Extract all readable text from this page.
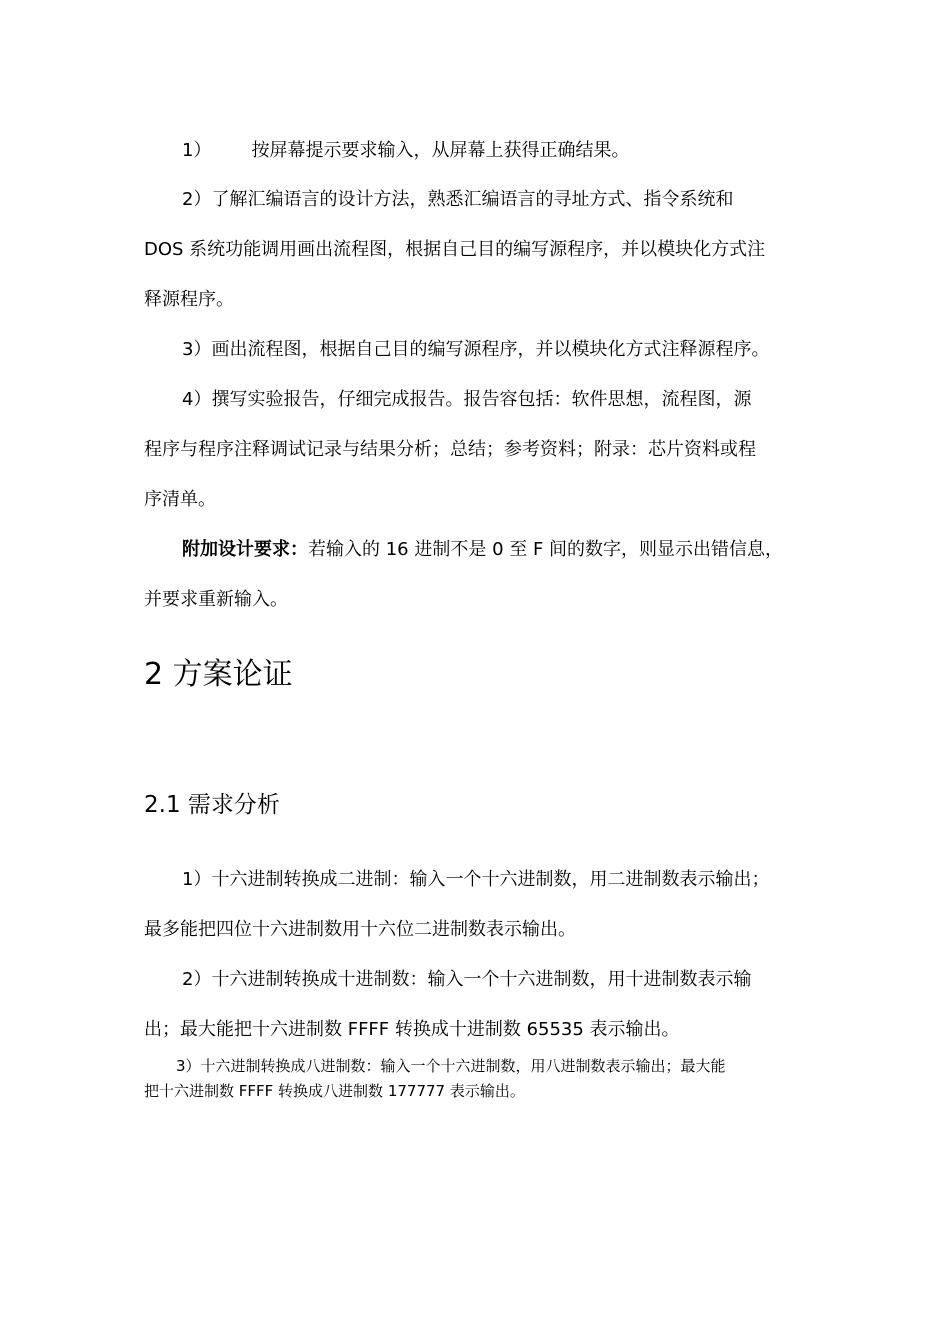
1） 按屏幕提示要求输入，从屏幕上获得正确结果。
2）了解汇编语言的设计方法，熟悉汇编语言的寻址方式、指令系统和
DOS 系统功能调用画出流程图，根据自己目的编写源程序，并以模块化方式注
释源程序。
3）画出流程图，根据自己目的编写源程序，并以模块化方式注释源程序。
4）撰写实验报告，仔细完成报告。报告容包括：软件思想，流程图，源
程序与程序注释调试记录与结果分析；总结；参考资料；附录：芯片资料或程
序清单。
附加设计要求：若输入的 16 进制不是 0 至 F 间的数字，则显示出错信息，
并要求重新输入。
2 方案论证
2.1 需求分析
1）十六进制转换成二进制：输入一个十六进制数，用二进制数表示输出；
最多能把四位十六进制数用十六位二进制数表示输出。
2）十六进制转换成十进制数：输入一个十六进制数，用十进制数表示输
出；最大能把十六进制数 FFFF 转换成十进制数 65535 表示输出。
3）十六进制转换成八进制数：输入一个十六进制数，用八进制数表示输出；最大能
把十六进制数 FFFF 转换成八进制数 177777 表示输出。
